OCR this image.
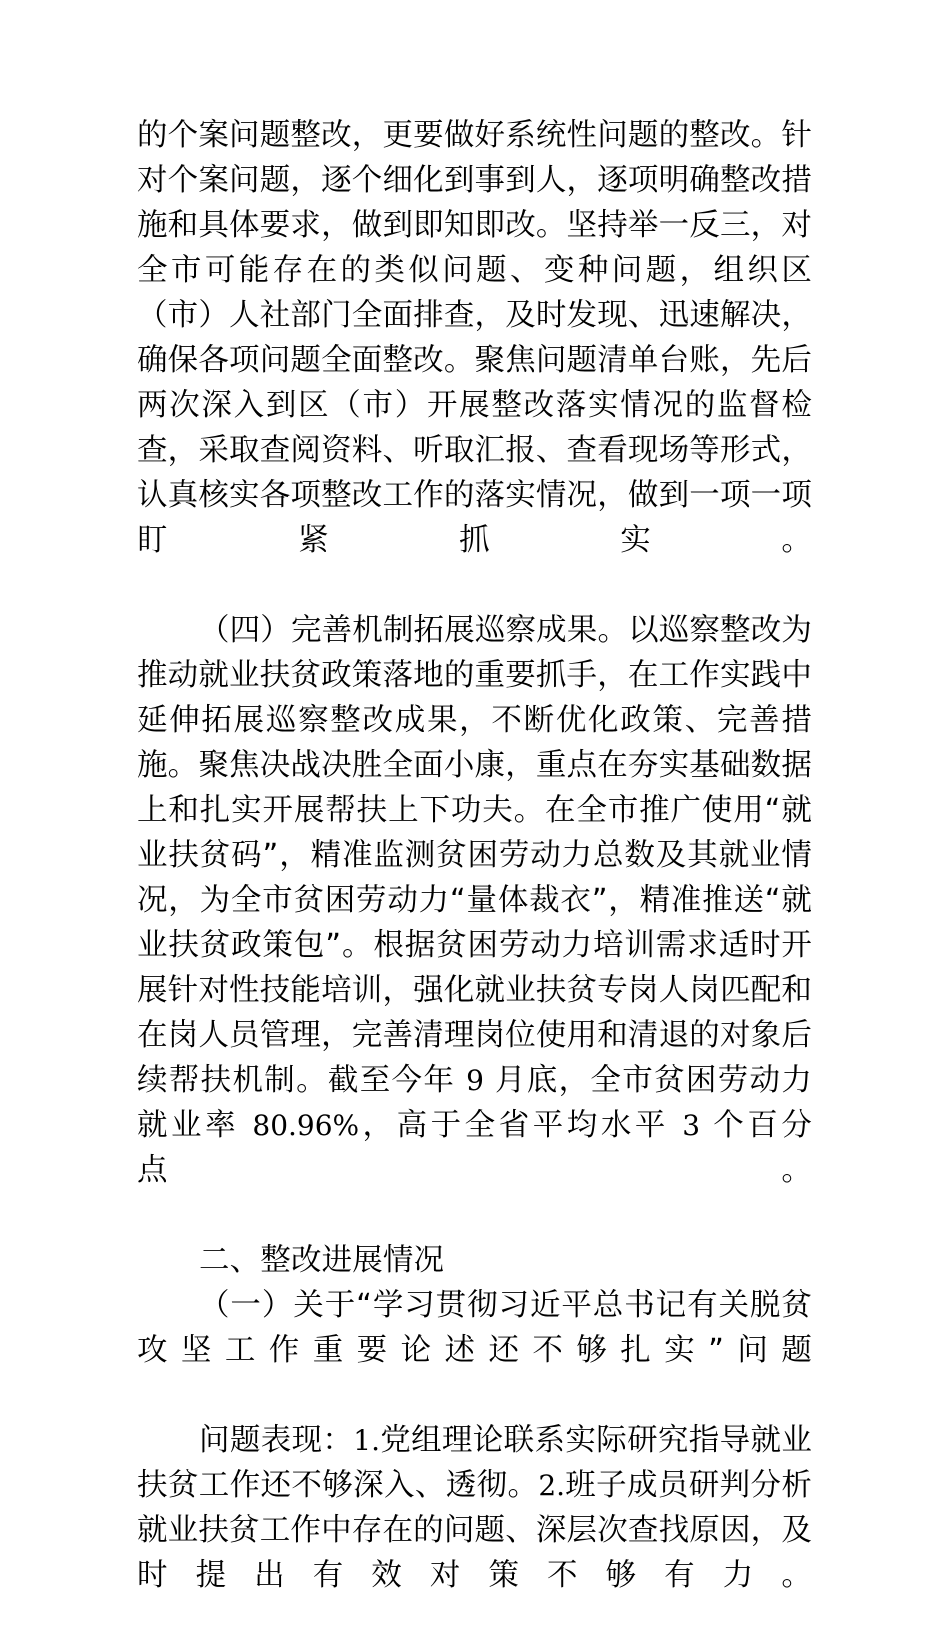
的个案问题整改，更要做好系统性问题的整改。针对个案问题，逐个细化到事到人，逐项明确整改措施和具体要求，做到即知即改。坚持举一反三，对全市可能存在的类似问题、变种问题，组织区（市）人社部门全面排查，及时发现、迅速解决，确保各项问题全面整改。聚焦问题清单台账，先后两次深入到区（市）开展整改落实情况的监督检查，采取查阅资料、听取汇报、查看现场等形式，认真核实各项整改工作的落实情况，做到一项一项盯紧抓实。

（四）完善机制拓展巡察成果。以巡察整改为推动就业扶贫政策落地的重要抓手，在工作实践中延伸拓展巡察整改成果，不断优化政策、完善措施。聚焦决战决胜全面小康，重点在夯实基础数据上和扎实开展帮扶上下功夫。在全市推广使用“就业扶贫码”，精准监测贫困劳动力总数及其就业情况，为全市贫困劳动力“量体裁衣”，精准推送“就业扶贫政策包”。根据贫困劳动力培训需求适时开展针对性技能培训，强化就业扶贫专岗人岗匹配和在岗人员管理，完善清理岗位使用和清退的对象后续帮扶机制。截至今年 9 月底，全市贫困劳动力就业率 80.96%，高于全省平均水平 3 个百分点。

二、整改进展情况

（一）关于“学习贯彻习近平总书记有关脱贫攻坚工作重要论述还不够扎实”问题

问题表现：1.党组理论联系实际研究指导就业扶贫工作还不够深入、透彻。2.班子成员研判分析就业扶贫工作中存在的问题、深层次查找原因，及时提出有效对策不够有力。
